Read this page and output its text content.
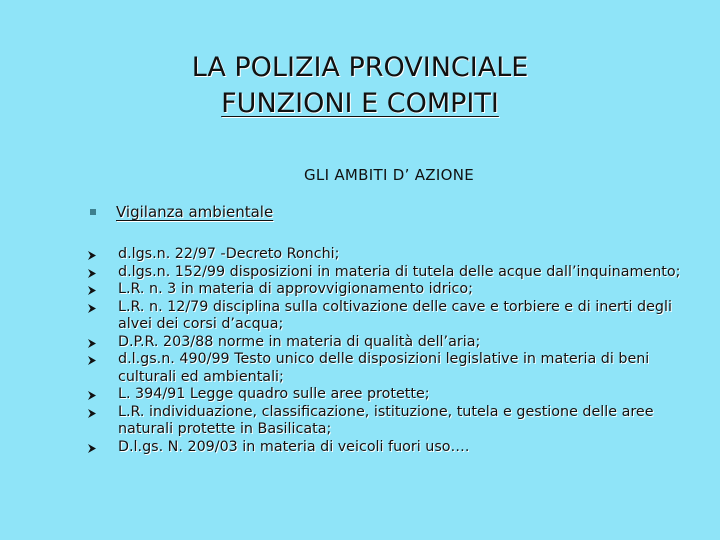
LA POLIZIA PROVINCIALE
FUNZIONI E COMPITI
GLI AMBITI D’ AZIONE
Vigilanza ambientale
d.lgs.n. 22/97 -Decreto Ronchi;
d.lgs.n. 152/99 disposizioni in materia di tutela delle acque dall’inquinamento;
L.R. n. 3 in materia di approvvigionamento idrico;
L.R. n. 12/79 disciplina sulla coltivazione delle cave e torbiere e di inerti degli alvei dei corsi d’acqua;
D.P.R. 203/88 norme in materia di qualità dell’aria;
d.l.gs.n. 490/99 Testo unico delle disposizioni legislative in materia di beni culturali ed ambientali;
L. 394/91 Legge quadro sulle aree protette;
L.R. individuazione, classificazione, istituzione, tutela e gestione delle aree naturali protette in Basilicata;
D.l.gs. N. 209/03 in materia di veicoli fuori uso….
